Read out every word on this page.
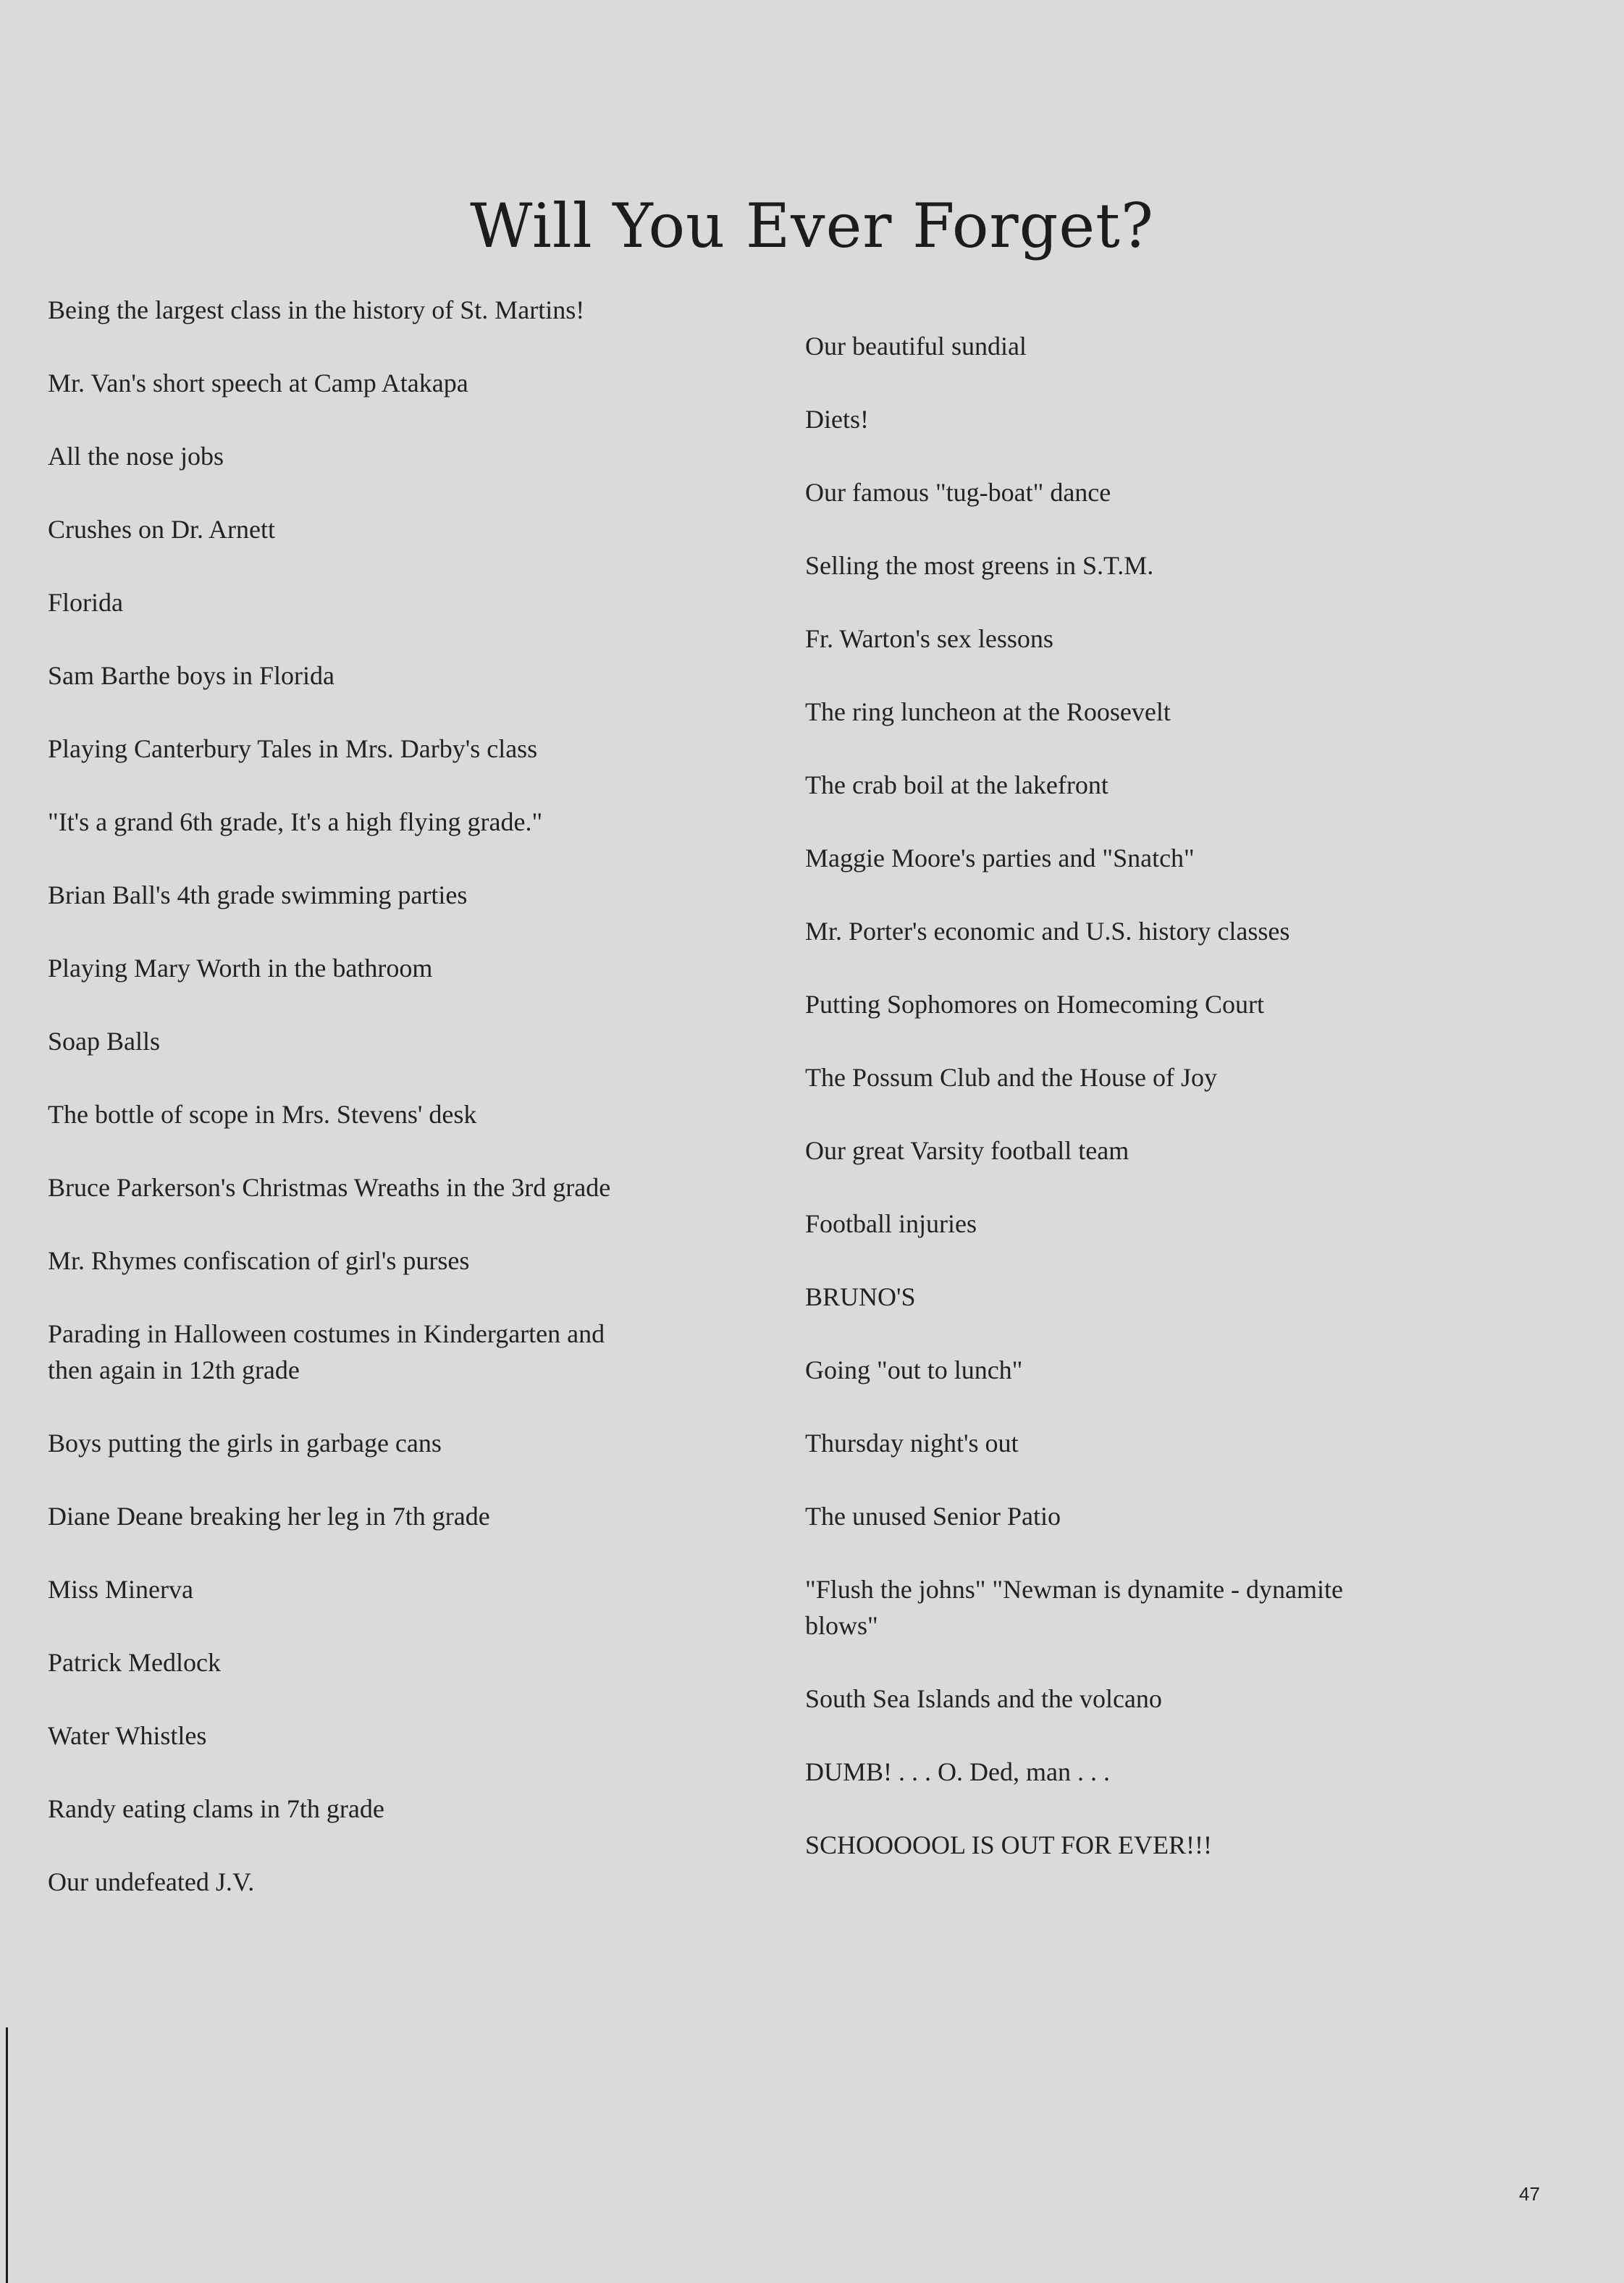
Will You Ever Forget?
Being the largest class in the history of St. Martins!
Mr. Van's short speech at Camp Atakapa
All the nose jobs
Crushes on Dr. Arnett
Florida
Sam Barthe boys in Florida
Playing Canterbury Tales in Mrs. Darby's class
"It's a grand 6th grade, It's a high flying grade."
Brian Ball's 4th grade swimming parties
Playing Mary Worth in the bathroom
Soap Balls
The bottle of scope in Mrs. Stevens' desk
Bruce Parkerson's Christmas Wreaths in the 3rd grade
Mr. Rhymes confiscation of girl's purses
Parading in Halloween costumes in Kindergarten and
then again in 12th grade
Boys putting the girls in garbage cans
Diane Deane breaking her leg in 7th grade
Miss Minerva
Patrick Medlock
Water Whistles
Randy eating clams in 7th grade
Our undefeated J.V.
Our beautiful sundial
Diets!
Our famous "tug-boat" dance
Selling the most greens in S.T.M.
Fr. Warton's sex lessons
The ring luncheon at the Roosevelt
The crab boil at the lakefront
Maggie Moore's parties and "Snatch"
Mr. Porter's economic and U.S. history classes
Putting Sophomores on Homecoming Court
The Possum Club and the House of Joy
Our great Varsity football team
Football injuries
BRUNO'S
Going "out to lunch"
Thursday night's out
The unused Senior Patio
"Flush the johns" "Newman is dynamite - dynamite
blows"
South Sea Islands and the volcano
DUMB! . . . O. Ded, man . . .
SCHOOOOOL IS OUT FOR EVER!!!
47
